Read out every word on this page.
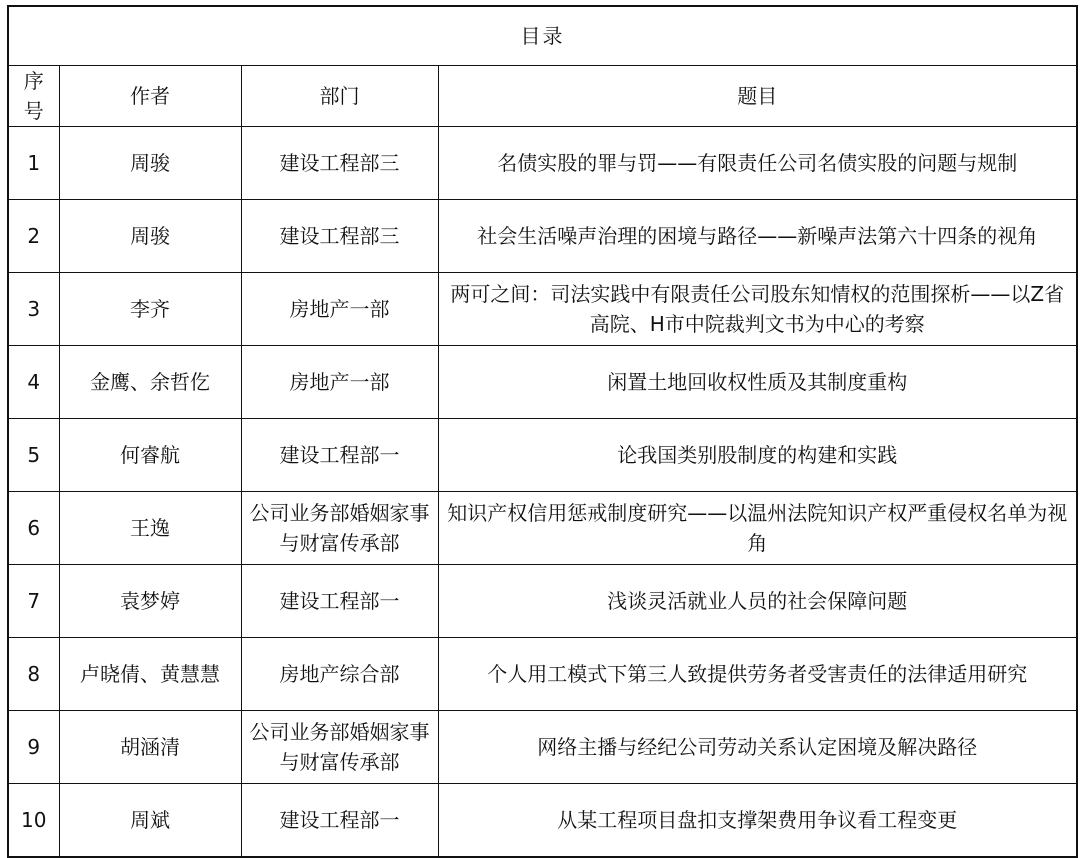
目录			
序号	作者	部门	题目
1	周骏	建设工程部三	名债实股的罪与罚——有限责任公司名债实股的问题与规制
2	周骏	建设工程部三	社会生活噪声治理的困境与路径——新噪声法第六十四条的视角
3	李齐	房地产一部	两可之间：司法实践中有限责任公司股东知情权的范围探析——以Z省高院、H市中院裁判文书为中心的考察
4	金鹰、余哲仡	房地产一部	闲置土地回收权性质及其制度重构
5	何睿航	建设工程部一	论我国类别股制度的构建和实践
6	王逸	公司业务部婚姻家事与财富传承部	知识产权信用惩戒制度研究——以温州法院知识产权严重侵权名单为视角
7	袁梦婷	建设工程部一	浅谈灵活就业人员的社会保障问题
8	卢晓倩、黄慧慧	房地产综合部	个人用工模式下第三人致提供劳务者受害责任的法律适用研究
9	胡涵清	公司业务部婚姻家事与财富传承部	网络主播与经纪公司劳动关系认定困境及解决路径
10	周斌	建设工程部一	从某工程项目盘扣支撑架费用争议看工程变更
